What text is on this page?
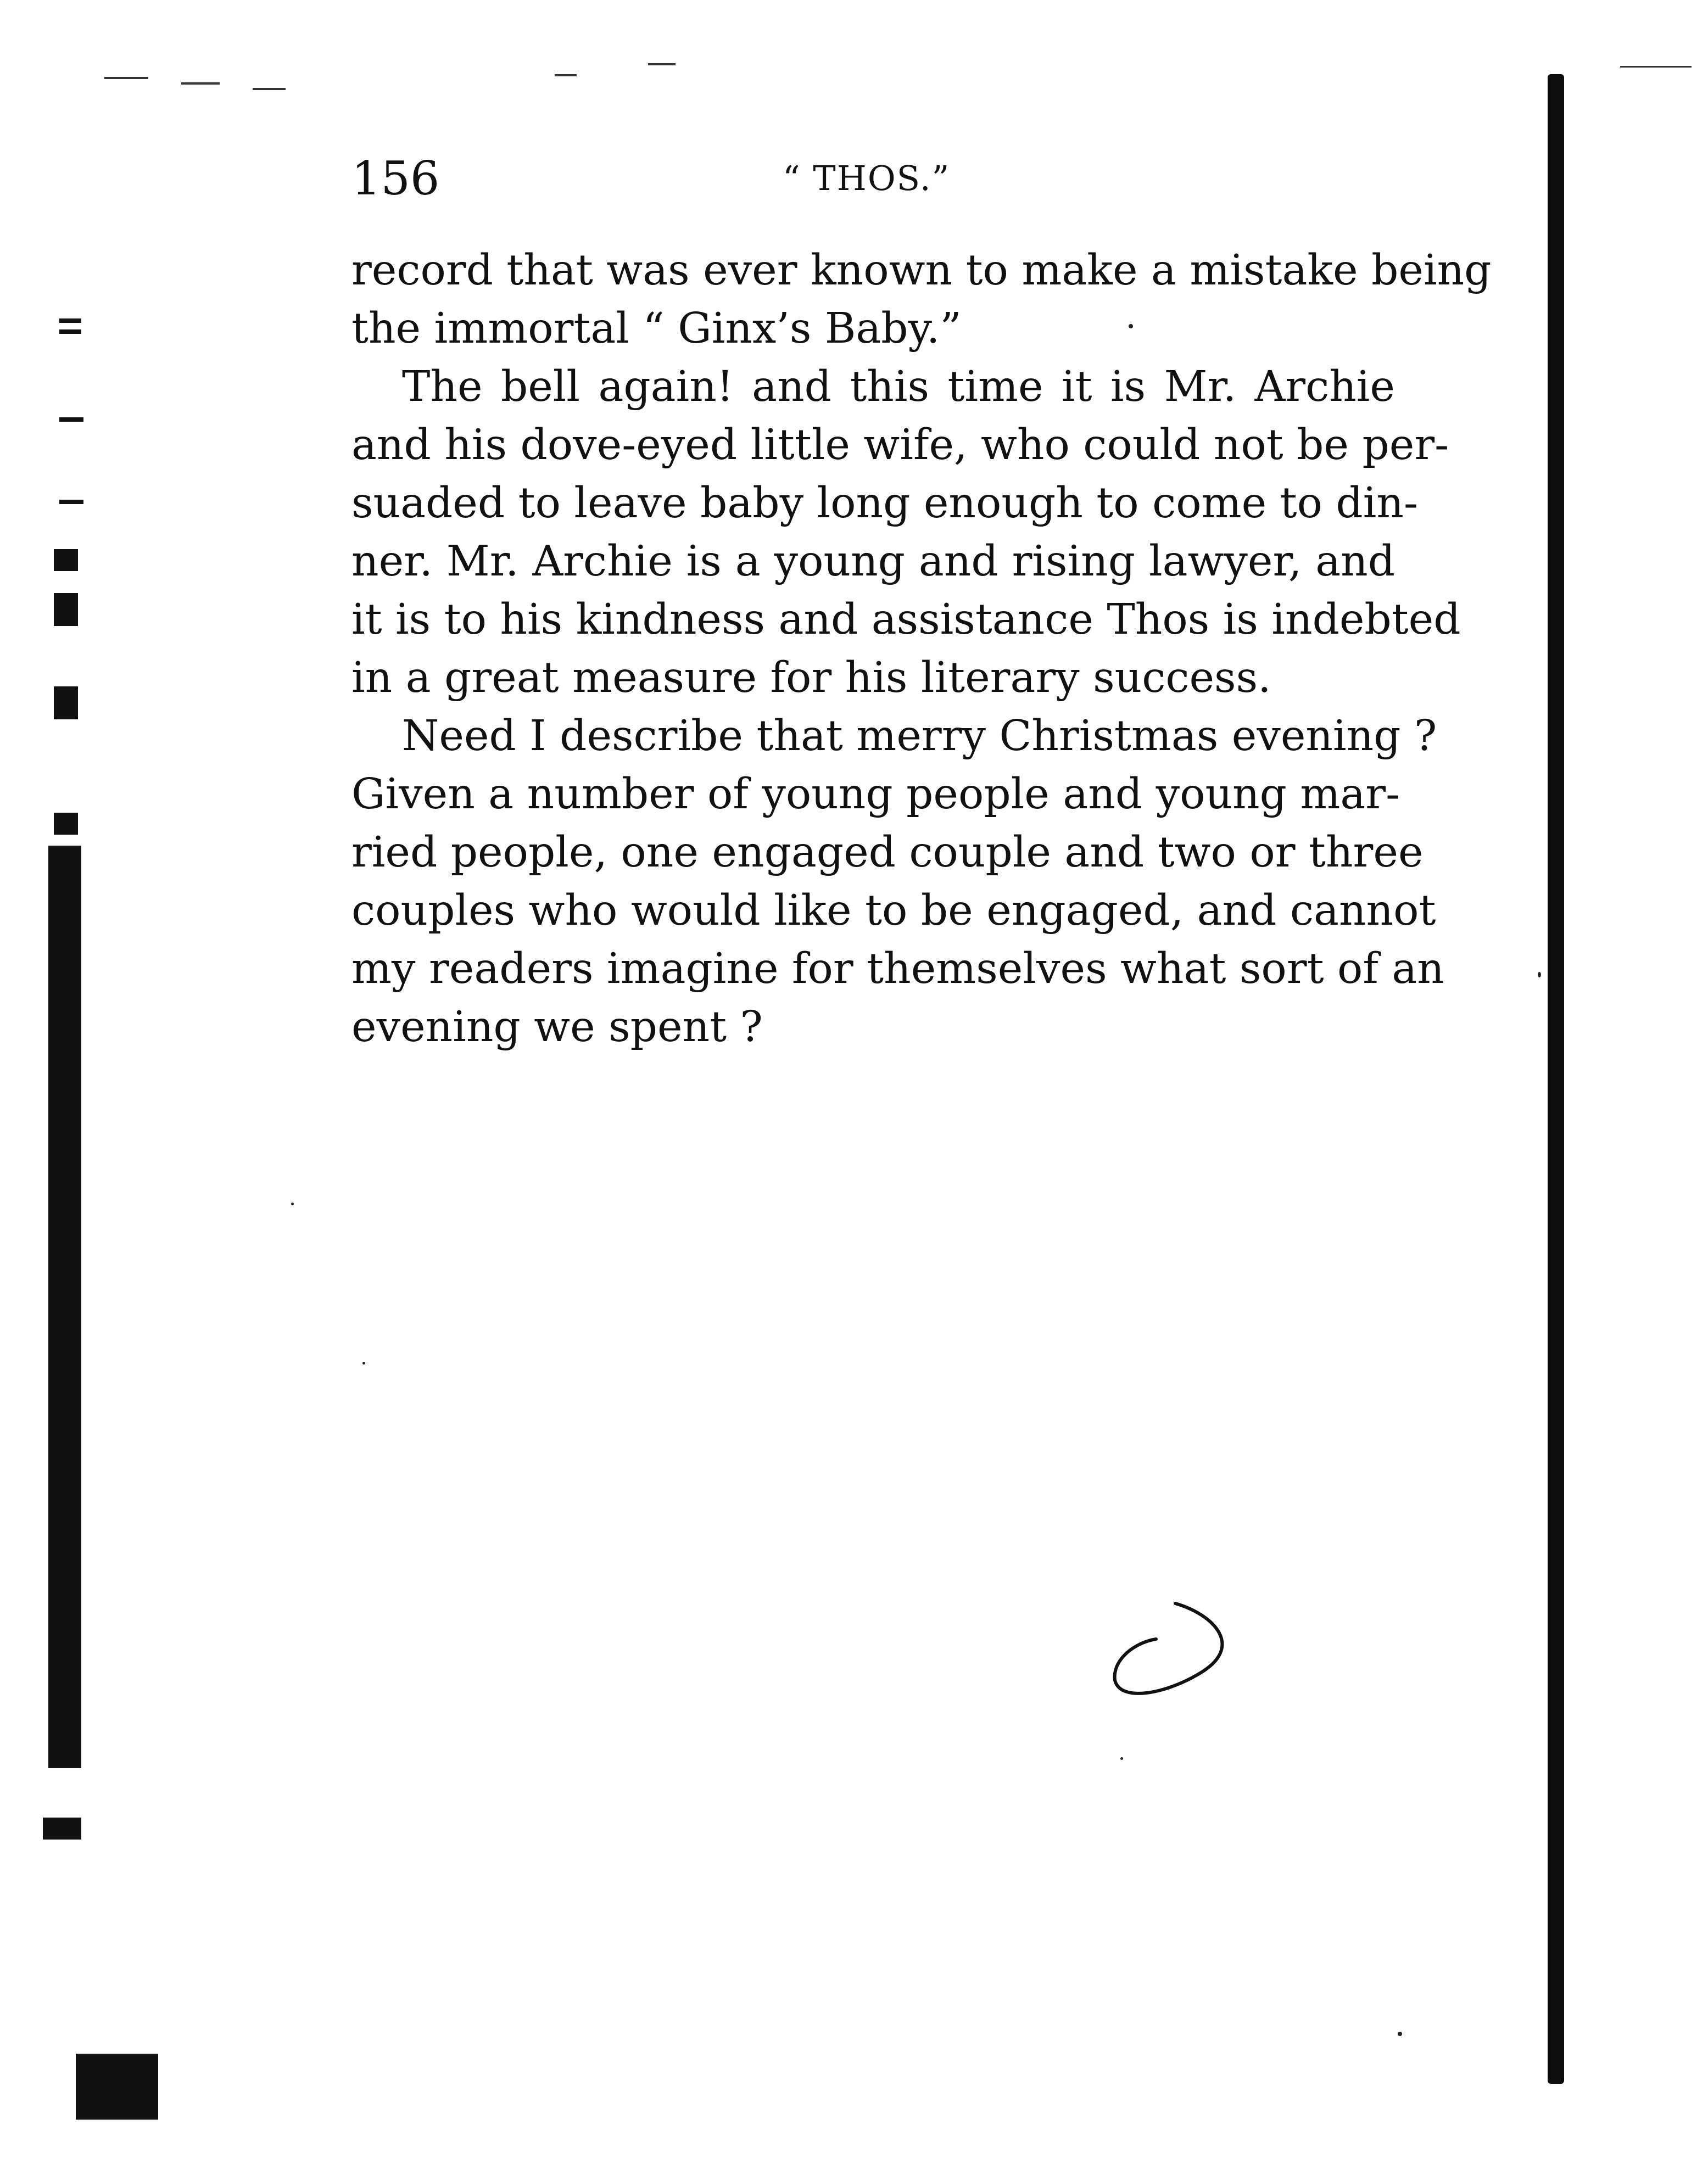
156	“ THOS.”
record that was ever known to make a mistake being
the immortal “ Ginx’s Baby.”
The bell again! and this time it is Mr. Archie
and his dove-eyed little wife, who could not be per-
suaded to leave baby long enough to come to din-
ner. Mr. Archie is a young and rising lawyer, and
it is to his kindness and assistance Thos is indebted
in a great measure for his literary success.
Need I describe that merry Christmas evening ?
Given a number of young people and young mar-
ried people, one engaged couple and two or three
couples who would like to be engaged, and cannot
my readers imagine for themselves what sort of an
evening we spent ?
